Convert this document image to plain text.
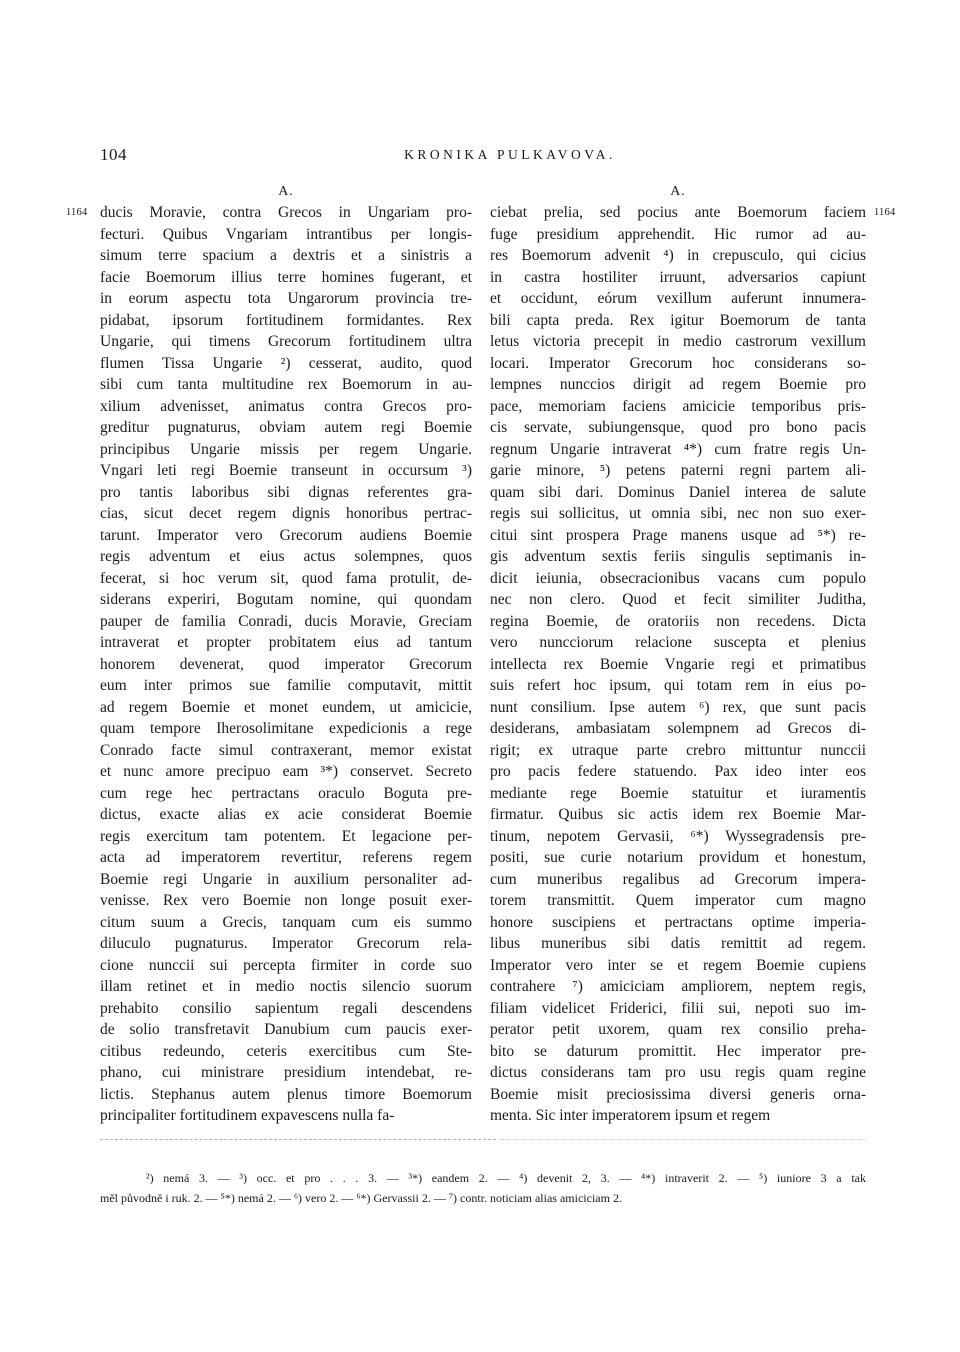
104	KRONIKA PULKAVOVA.
1164	1164
A.
ducis Moravie, contra Grecos in Ungariam pro-
fecturi. Quibus Vngariam intrantibus per longis-
simum terre spacium a dextris et a sinistris a
facie Boemorum illius terre homines fugerant, et
in eorum aspectu tota Ungarorum provincia tre-
pidabat, ipsorum fortitudinem formidantes. Rex
Ungarie, qui timens Grecorum fortitudinem ultra
flumen Tissa Ungarie ²) cesserat, audito, quod
sibi cum tanta multitudine rex Boemorum in au-
xilium advenisset, animatus contra Grecos pro-
greditur pugnaturus, obviam autem regi Boemie
principibus Ungarie missis per regem Ungarie.
Vngari leti regi Boemie transeunt in occursum ³)
pro tantis laboribus sibi dignas referentes gra-
cias, sicut decet regem dignis honoribus pertrac-
tarunt. Imperator vero Grecorum audiens Boemie
regis adventum et eius actus solempnes, quos
fecerat, si hoc verum sit, quod fama protulit, de-
siderans experiri, Bogutam nomine, qui quondam
pauper de familia Conradi, ducis Moravie, Greciam
intraverat et propter probitatem eius ad tantum
honorem devenerat, quod imperator Grecorum
eum inter primos sue familie computavit, mittit
ad regem Boemie et monet eundem, ut amicicie,
quam tempore Iherosolimitane expedicionis a rege
Conrado facte simul contraxerant, memor existat
et nunc amore precipuo eam ³*) conservet. Secreto
cum rege hec pertractans oraculo Boguta pre-
dictus, exacte alias ex acie considerat Boemie
regis exercitum tam potentem. Et legacione per-
acta ad imperatorem revertitur, referens regem
Boemie regi Ungarie in auxilium personaliter ad-
venisse. Rex vero Boemie non longe posuit exer-
citum suum a Grecis, tanquam cum eis summo
diluculo pugnaturus. Imperator Grecorum rela-
cione nunccii sui percepta firmiter in corde suo
illam retinet et in medio noctis silencio suorum
prehabito consilio sapientum regali descendens
de solio transfretavit Danubium cum paucis exer-
citibus redeundo, ceteris exercitibus cum Ste-
phano, cui ministrare presidium intendebat, re-
lictis. Stephanus autem plenus timore Boemorum
principaliter fortitudinem expavescens nulla fa-
A.
ciebat prelia, sed pocius ante Boemorum faciem
fuge presidium apprehendit. Hic rumor ad au-
res Boemorum advenit ⁴) in crepusculo, qui cicius
in castra hostiliter irruunt, adversarios capiunt
et occidunt, eórum vexillum auferunt innumera-
bili capta preda. Rex igitur Boemorum de tanta
letus victoria precepit in medio castrorum vexillum
locari. Imperator Grecorum hoc considerans so-
lempnes nunccios dirigit ad regem Boemie pro
pace, memoriam faciens amicicie temporibus pris-
cis servate, subiungensque, quod pro bono pacis
regnum Ungarie intraverat ⁴*) cum fratre regis Un-
garie minore, ⁵) petens paterni regni partem ali-
quam sibi dari. Dominus Daniel interea de salute
regis sui sollicitus, ut omnia sibi, nec non suo exer-
citui sint prospera Prage manens usque ad ⁵*) re-
gis adventum sextis feriis singulis septimanis in-
dicit ieiunia, obsecracionibus vacans cum populo
nec non clero. Quod et fecit similiter Juditha,
regina Boemie, de oratoriis non recedens. Dicta
vero nuncciorum relacione suscepta et plenius
intellecta rex Boemie Vngarie regi et primatibus
suis refert hoc ipsum, qui totam rem in eius po-
nunt consilium. Ipse autem ⁶) rex, que sunt pacis
desiderans, ambasiatam solempnem ad Grecos di-
rigit; ex utraque parte crebro mittuntur nunccii
pro pacis federe statuendo. Pax ideo inter eos
mediante rege Boemie statuitur et iuramentis
firmatur. Quibus sic actis idem rex Boemie Mar-
tinum, nepotem Gervasii, ⁶*) Wyssegradensis pre-
positi, sue curie notarium providum et honestum,
cum muneribus regalibus ad Grecorum impera-
torem transmittit. Quem imperator cum magno
honore suscipiens et pertractans optime imperia-
libus muneribus sibi datis remittit ad regem.
Imperator vero inter se et regem Boemie cupiens
contrahere ⁷) amiciciam ampliorem, neptem regis,
filiam videlicet Friderici, filii sui, nepoti suo im-
perator petit uxorem, quam rex consilio preha-
bito se daturum promittit. Hec imperator pre-
dictus considerans tam pro usu regis quam regine
Boemie misit preciosissima diversi generis orna-
menta. Sic inter imperatorem ipsum et regem
²) nemá 3. — ³) occ. et pro . . . 3. — ³*) eandem 2. — ⁴) devenit 2, 3. — ⁴*) intraverit 2. — ⁵) iuniore 3 a tak
měl původně i ruk. 2. — ⁵*) nemá 2. — ⁶) vero 2. — ⁶*) Gervassii 2. — ⁷) contr. noticiam alias amiciciam 2.
